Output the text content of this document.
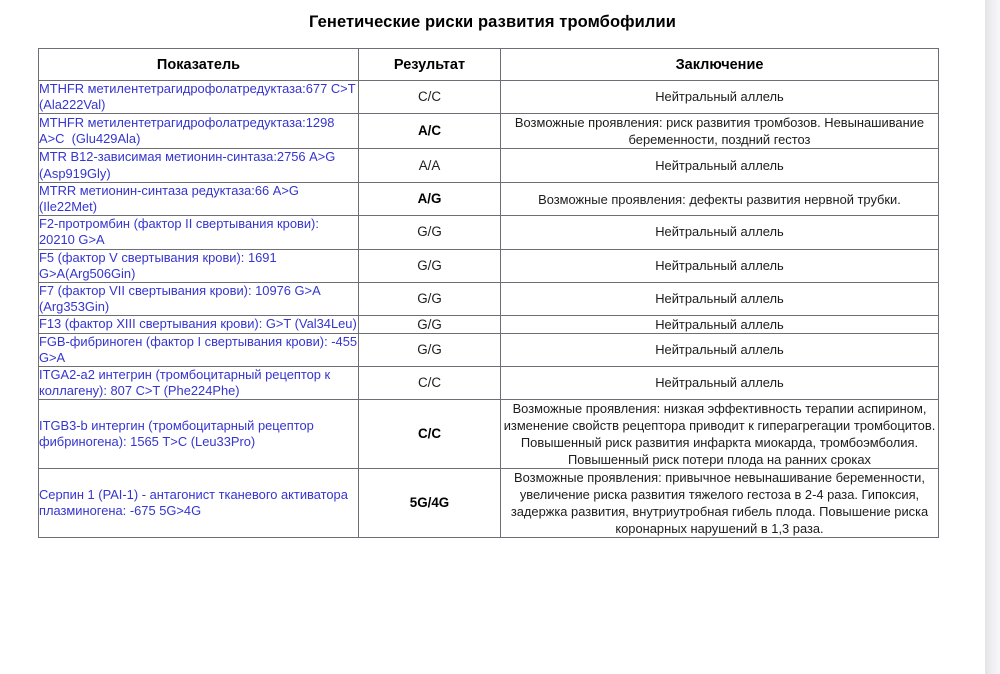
Генетические риски развития тромбофилии
Показатель	Результат	Заключение
MTHFR метилентетрагидрофолатредуктаза:677 C>T (Ala222Val)	C/C	Нейтральный аллель
MTHFR метилентетрагидрофолатредуктаза:1298 A>C  (Glu429Ala)	A/C	Возможные проявления: риск развития тромбозов. Невынашивание беременности, поздний гестоз
MTR B12-зависимая метионин-синтаза:2756 A>G (Asp919Gly)	A/A	Нейтральный аллель
MTRR метионин-синтаза редуктаза:66 A>G (Ile22Met)	A/G	Возможные проявления: дефекты развития нервной трубки.
F2-протромбин (фактор II свертывания крови): 20210 G>A	G/G	Нейтральный аллель
F5 (фактор V свертывания крови): 1691 G>A(Arg506Gin)	G/G	Нейтральный аллель
F7 (фактор VII свертывания крови): 10976 G>A (Arg353Gin)	G/G	Нейтральный аллель
F13 (фактор XIII свертывания крови): G>T (Val34Leu)	G/G	Нейтральный аллель
FGB-фибриноген (фактор I свертывания крови): -455 G>A	G/G	Нейтральный аллель
ITGA2-a2 интегрин (тромбоцитарный рецептор к коллагену): 807 C>T (Phe224Phe)	C/C	Нейтральный аллель
ITGB3-b интергин (тромбоцитарный рецептор фибриногена): 1565 T>C (Leu33Pro)	C/C	Возможные проявления: низкая эффективность терапии аспирином, изменение свойств рецептора приводит к гиперагрегации тромбоцитов. Повышенный риск развития инфаркта миокарда, тромбоэмболия. Повышенный риск потери плода на ранних сроках
Серпин 1 (PAI-1) - антагонист тканевого активатора плазминогена: -675 5G>4G	5G/4G	Возможные проявления: привычное невынашивание беременности, увеличение риска развития тяжелого гестоза в 2-4 раза. Гипоксия, задержка развития, внутриутробная гибель плода. Повышение риска коронарных нарушений в 1,3 раза.
